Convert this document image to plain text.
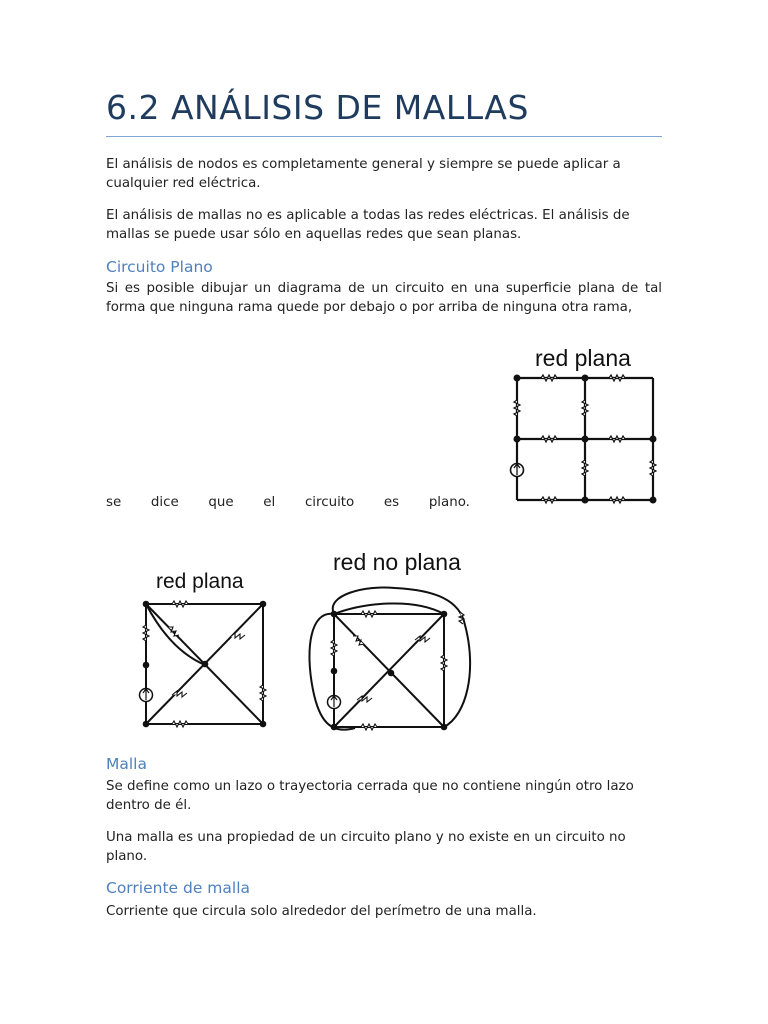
6.2 ANÁLISIS DE MALLAS

El análisis de nodos es completamente general y siempre se puede aplicar a cualquier red eléctrica.

El análisis de mallas no es aplicable a todas las redes eléctricas. El análisis de mallas se puede usar sólo en aquellas redes que sean planas.

Circuito Plano

Si es posible dibujar un diagrama de un circuito en una superficie plana de tal forma que ninguna rama quede por debajo o por arriba de ninguna otra rama,

se dice que el circuito es plano.
red plana
red plana
red no plana
Malla

Se define como un lazo o trayectoria cerrada que no contiene ningún otro lazo dentro de él.

Una malla es una propiedad de un circuito plano y no existe en un circuito no plano.

Corriente de malla

Corriente que circula solo alrededor del perímetro de una malla.
